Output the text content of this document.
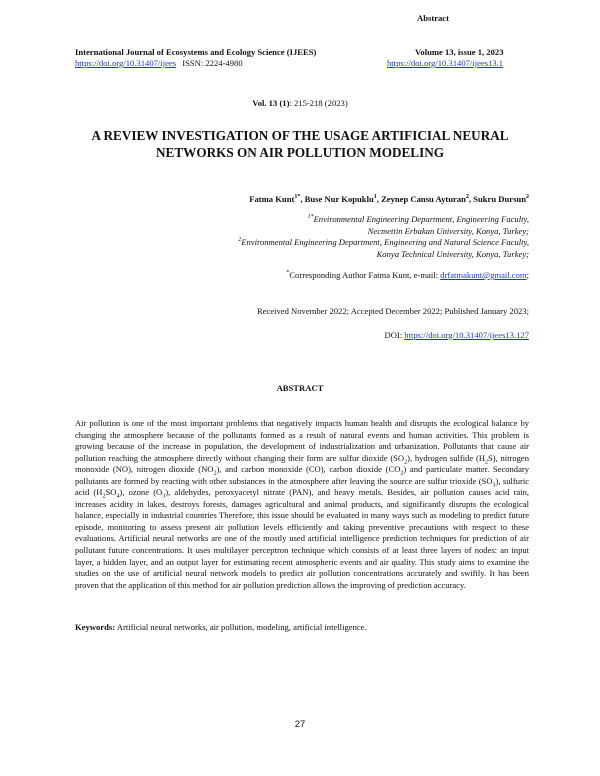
Abstract
International Journal of Ecosystems and Ecology Science (IJEES)	Volume 13, issue 1, 2023
https://doi.org/10.31407/ijees ISSN: 2224-4980	https://doi.org/10.31407/ijees13.1
Vol. 13 (1): 215-218 (2023)
A REVIEW INVESTIGATION OF THE USAGE ARTIFICIAL NEURAL
NETWORKS ON AIR POLLUTION MODELING
Fatma Kunt$^{1*}$, Buse Nur Kopuklu$^1$, Zeynep Cansu Ayturan$^2$, Sukru Dursun$^2$
$^{1*}$Environmental Engineering Department, Engineering Faculty,
Necmettin Erbakan University, Konya, Turkey;
$^2$Environmental Engineering Department, Engineering and Natural Science Faculty,
Konya Technical University, Konya, Turkey;
*Corresponding Author Fatma Kunt, e-mail: drfatmakunt@gmail.com;
Received November 2022; Accepted December 2022; Published January 2023;
DOI: https://doi.org/10.31407/ijees13.127
ABSTRACT
Air pollution is one of the most important problems that negatively impacts human health and disrupts the ecological balance by changing the atmosphere because of the pollutants formed as a result of natural events and human activities. This problem is growing because of the increase in population, the development of industrialization and urbanization. Pollutants that cause air pollution reaching the atmosphere directly without changing their form are sulfur dioxide $(SO_2)$, hydrogen sulfide $(H_2S)$, nitrogen monoxide (NO), nitrogen dioxide $(NO_2)$, and carbon monoxide (CO), carbon dioxide $(CO_2)$ and particulate matter. Secondary pollutants are formed by reacting with other substances in the atmosphere after leaving the source are sulfur trioxide $(SO_3)$, sulfuric acid $(H_2SO_4)$, ozone $(O_3)$, aldehydes, peroxyacetyl nitrate (PAN), and heavy metals. Besides, air pollution causes acid rain, increases acidity in lakes, destroys forests, damages agricultural and animal products, and significantly disrupts the ecological balance, especially in industrial countries Therefore, this issue should be evaluated in many ways such as modeling to predict future episode, monitoring to assess present air pollution levels efficiently and taking preventive precautions with respect to these evaluations. Artificial neural networks are one of the mostly used artificial intelligence prediction techniques for prediction of air pollutant future concentrations. It uses multilayer perceptron technique which consists of at least three layers of nodes: an input layer, a hidden layer, and an output layer for estimating recent atmospheric events and air quality. This study aims to examine the studies on the use of artificial neural network models to predict air pollution concentrations accurately and swiftly. It has been proven that the application of this method for air pollution prediction allows the improving of prediction accuracy.
Keywords: Artificial neural networks, air pollution, modeling, artificial intelligence.
27
